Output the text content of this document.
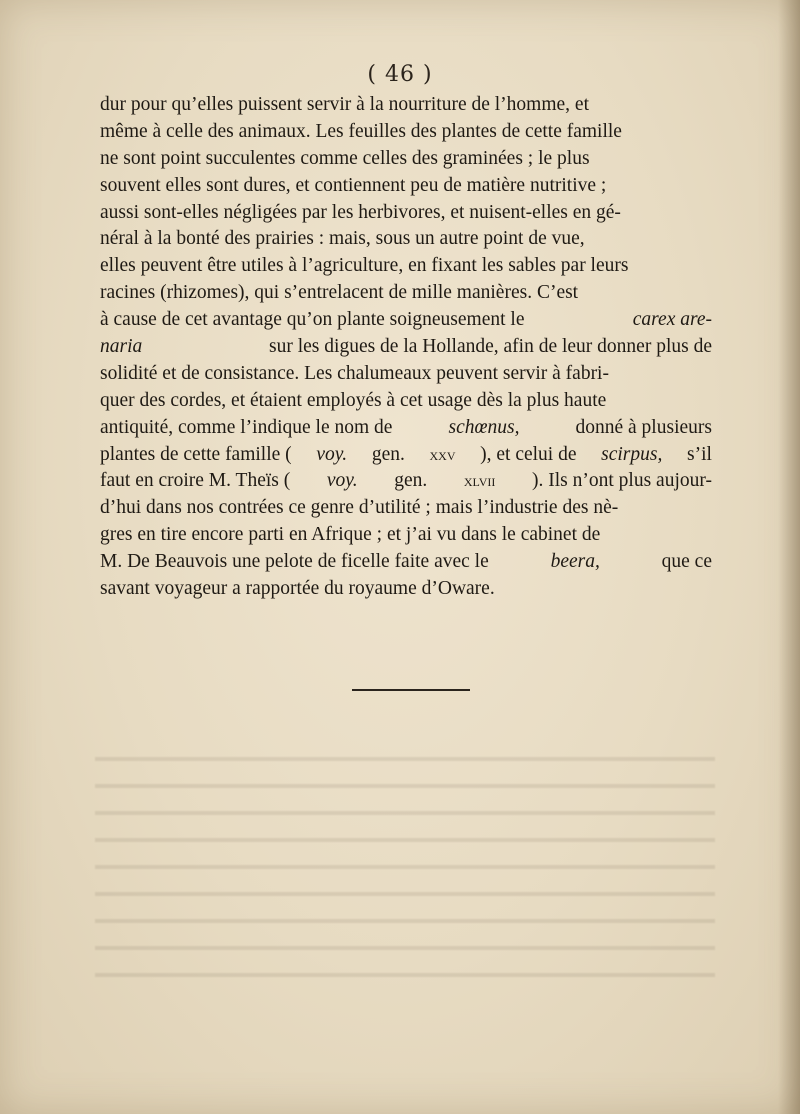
( 46 )
dur pour qu’elles puissent servir à la nourriture de l’homme, et
même à celle des animaux. Les feuilles des plantes de cette famille
ne sont point succulentes comme celles des graminées ; le plus
souvent elles sont dures, et contiennent peu de matière nutritive ;
aussi sont-elles négligées par les herbivores, et nuisent-elles en gé-
néral à la bonté des prairies : mais, sous un autre point de vue,
elles peuvent être utiles à l’agriculture, en fixant les sables par leurs
racines (rhizomes), qui s’entrelacent de mille manières. C’est
à cause de cet avantage qu’on plante soigneusement le	carex are-
naria	sur les digues de la Hollande, afin de leur donner plus de
solidité et de consistance. Les chalumeaux peuvent servir à fabri-
quer des cordes, et étaient employés à cet usage dès la plus haute
antiquité, comme l’indique le nom de	schœnus,	donné à plusieurs
plantes de cette famille ( voy. gen. xxv ), et celui de scirpus, s’il
faut en croire M. Theïs ( voy. gen. xlvii ). Ils n’ont plus aujour-
d’hui dans nos contrées ce genre d’utilité ; mais l’industrie des nè-
gres en tire encore parti en Afrique ; et j’ai vu dans le cabinet de
M. De Beauvois une pelote de ficelle faite avec le	beera,	que ce
savant voyageur a rapportée du royaume d’Oware.
